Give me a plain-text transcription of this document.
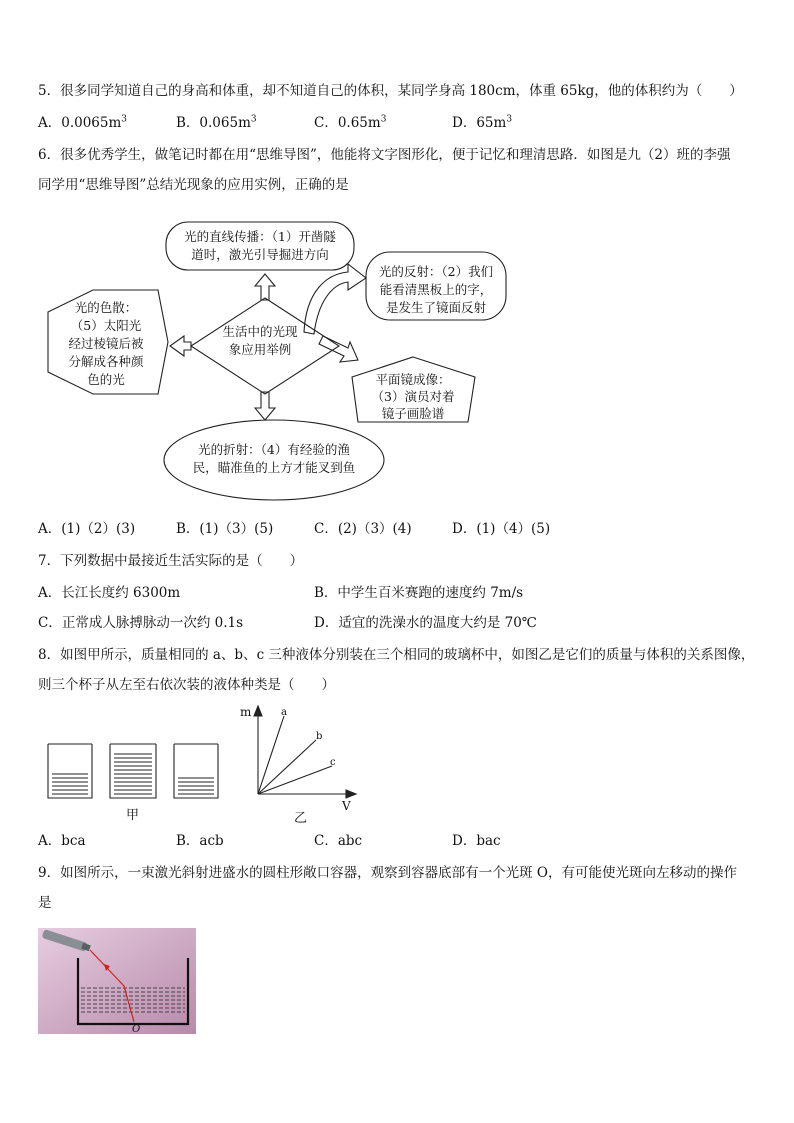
5．很多同学知道自己的身高和体重，却不知道自己的体积，某同学身高 180cm，体重 65kg，他的体积约为（　　）
A．$0.0065m^3$	B．$0.065m^3$	C．$0.65m^3$	D．$65m^3$
6．很多优秀学生，做笔记时都在用“思维导图”，他能将文字图形化，便于记忆和理清思路．如图是九（2）班的李强
同学用“思维导图”总结光现象的应用实例，正确的是
生活中的光现
象应用举例
光的直线传播：（1）开凿隧
道时，激光引导掘进方向
光的反射：（2）我们
能看清黑板上的字，
是发生了镜面反射
光的色散：
（5）太阳光
经过棱镜后被
分解成各种颜
色的光	平面镜成像：
（3）演员对着
镜子画脸谱
光的折射：（4）有经验的渔
民，瞄准鱼的上方才能叉到鱼
A．(1)（2）(3)	B．(1)（3）(5)	C．(2)（3）(4)	D．(1)（4）(5)
7．下列数据中最接近生活实际的是（　　）
A．长江长度约 6300m	B．中学生百米赛跑的速度约 7m/s
C．正常成人脉搏脉动一次约 0.1s	D．适宜的洗澡水的温度大约是 70℃
8．如图甲所示，质量相同的 a、b、c 三种液体分别装在三个相同的玻璃杯中，如图乙是它们的质量与体积的关系图像，
则三个杯子从左至右依次装的液体种类是（　　）
甲	乙
m
V
a
b
c
A．bca	B．acb	C．abc	D．bac
9．如图所示，一束激光斜射进盛水的圆柱形敞口容器，观察到容器底部有一个光斑 O，有可能使光斑向左移动的操作
是
O
